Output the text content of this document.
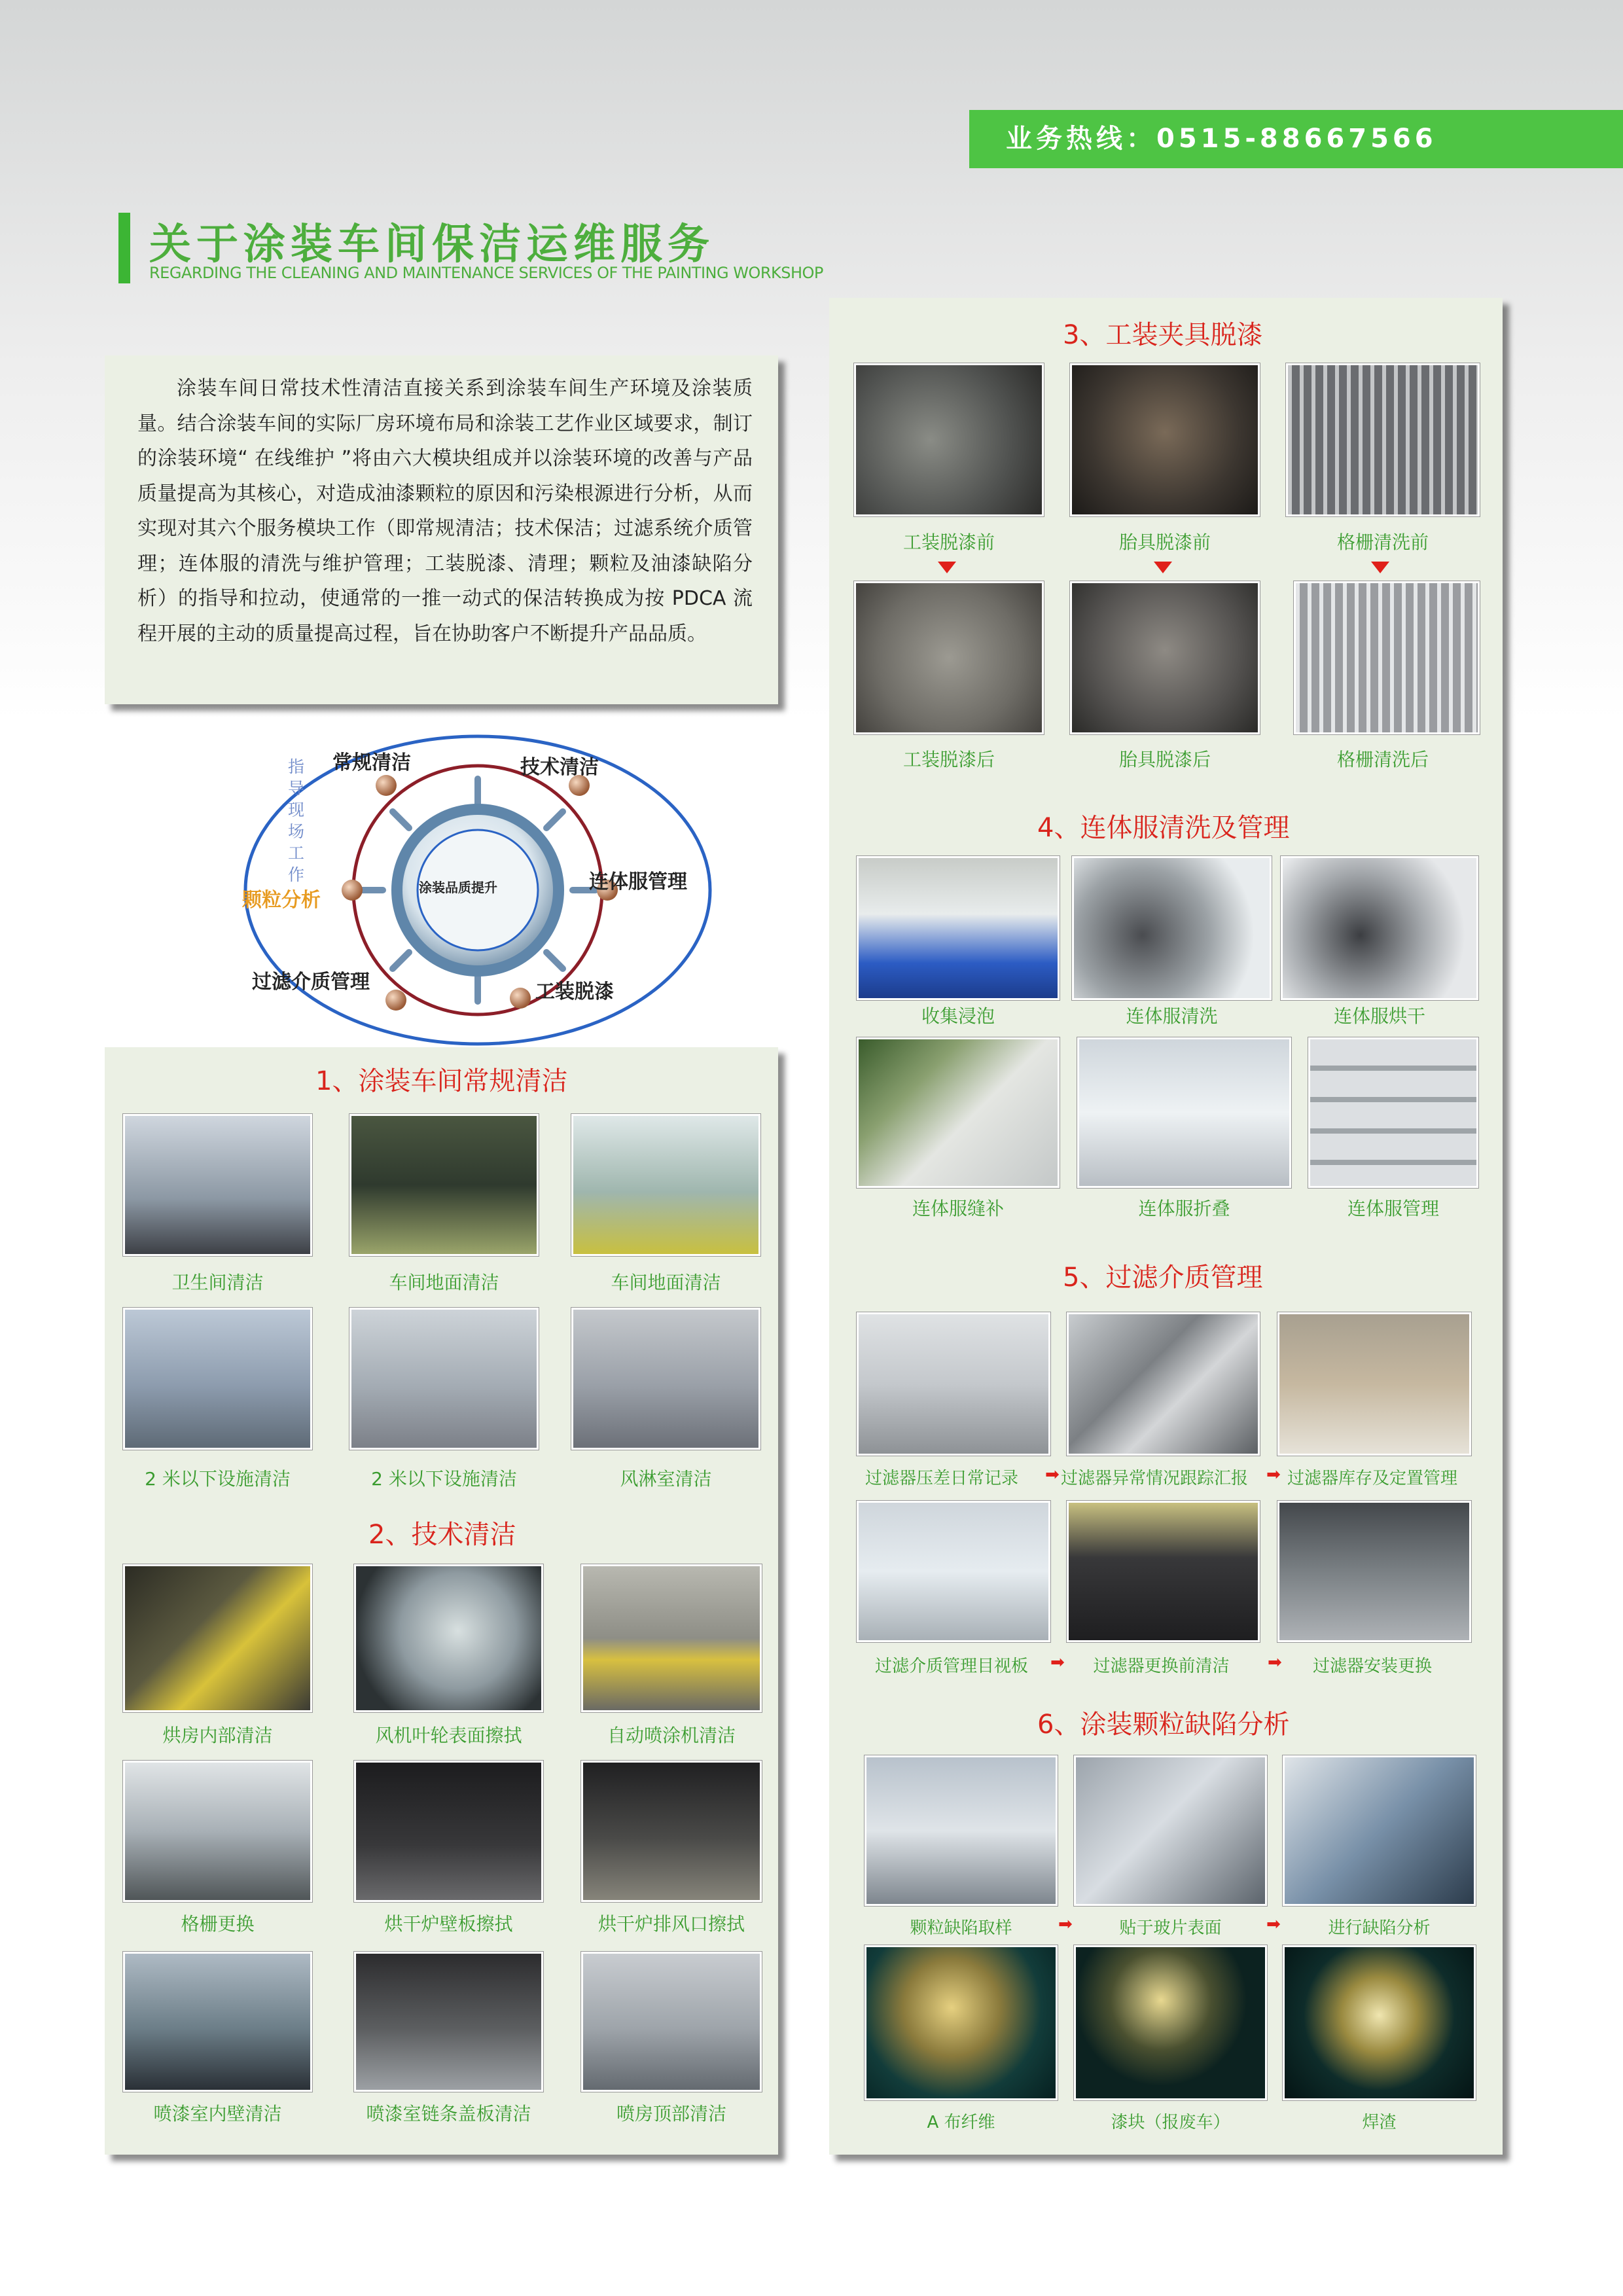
业务热线：0515-88667566
关于涂装车间保洁运维服务
REGARDING THE CLEANING AND MAINTENANCE SERVICES OF THE PAINTING WORKSHOP
涂装车间日常技术性清洁直接关系到涂装车间生产环境及涂装质量。结合涂装车间的实际厂房环境布局和涂装工艺作业区域要求，制订的涂装环境“ 在线维护 ”将由六大模块组成并以涂装环境的改善与产品质量提高为其核心，对造成油漆颗粒的原因和污染根源进行分析，从而实现对其六个服务模块工作（即常规清洁；技术保洁；过滤系统介质管理；连体服的清洗与维护管理；工装脱漆、清理；颗粒及油漆缺陷分析）的指导和拉动，使通常的一推一动式的保洁转换成为按 PDCA 流程开展的主动的质量提高过程，旨在协助客户不断提升产品品质。
涂装品质提升
指导现场工作
常规清洁	技术清洁
连体服管理
工装脱漆
过滤介质管理
颗粒分析
1、涂装车间常规清洁
卫生间清洁	车间地面清洁	车间地面清洁
2 米以下设施清洁	2 米以下设施清洁	风淋室清洁
2、技术清洁
烘房内部清洁	风机叶轮表面擦拭	自动喷涂机清洁
格栅更换	烘干炉壁板擦拭	烘干炉排风口擦拭
喷漆室内壁清洁	喷漆室链条盖板清洁	喷房顶部清洁
3、工装夹具脱漆
工装脱漆前	胎具脱漆前	格栅清洗前
工装脱漆后	胎具脱漆后	格栅清洗后
4、连体服清洗及管理
收集浸泡	连体服清洗	连体服烘干
连体服缝补	连体服折叠	连体服管理
5、过滤介质管理
过滤器压差日常记录	➡ 过滤器异常情况跟踪汇报	➡ 过滤器库存及定置管理
过滤介质管理目视板	➡	过滤器更换前清洁	➡	过滤器安装更换
6、涂装颗粒缺陷分析
颗粒缺陷取样	➡	贴于玻片表面	➡	进行缺陷分析
A 布纤维	漆块（报废车）	焊渣
